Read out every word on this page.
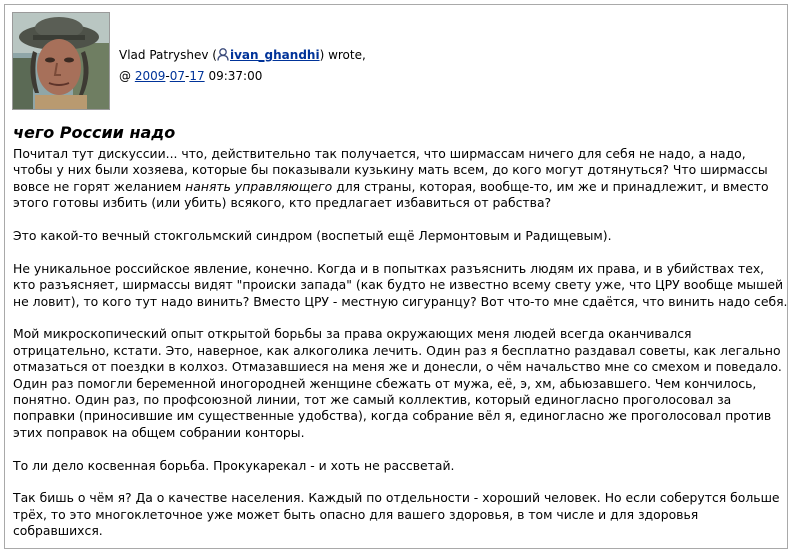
Vlad Patryshev ( ivan_ghandhi) wrote,
@ 2009-07-17 09:37:00
чего России надо

Почитал тут дискуссии... что, действительно так получается, что ширмассам ничего для себя не надо, а надо, чтобы у них были хозяева, которые бы показывали кузькину мать всем, до кого могут дотянуться? Что ширмассы вовсе не горят желанием нанять управляющего для страны, которая, вообще-то, им же и принадлежит, и вместо этого готовы избить (или убить) всякого, кто предлагает избавиться от рабства?

Это какой-то вечный стокгольмский синдром (воспетый ещё Лермонтовым и Радищевым).

Не уникальное российское явление, конечно. Когда и в попытках разъяснить людям их права, и в убийствах тех, кто разъясняет, ширмассы видят "происки запада" (как будто не известно всему свету уже, что ЦРУ вообще мышей не ловит), то кого тут надо винить? Вместо ЦРУ - местную сигуранцу? Вот что-то мне сдаётся, что винить надо себя.

Мой микроскопический опыт открытой борьбы за права окружающих меня людей всегда оканчивался отрицательно, кстати. Это, наверное, как алкоголика лечить. Один раз я бесплатно раздавал советы, как легально отмазаться от поездки в колхоз. Отмазавшиеся на меня же и донесли, о чём начальство мне со смехом и поведало. Один раз помогли беременной иногородней женщине сбежать от мужа, её, э, хм, абьюзавшего. Чем кончилось, понятно. Один раз, по профсоюзной линии, тот же самый коллектив, который единогласно проголосовал за поправки (приносившие им существенные удобства), когда собрание вёл я, единогласно же проголосовал против этих поправок на общем собрании конторы.

То ли дело косвенная борьба. Прокукарекал - и хоть не рассветай.

Так бишь о чём я? Да о качестве населения. Каждый по отдельности - хороший человек. Но если соберутся больше трёх, то это многоклеточное уже может быть опасно для вашего здоровья, в том числе и для здоровья собравшихся.
